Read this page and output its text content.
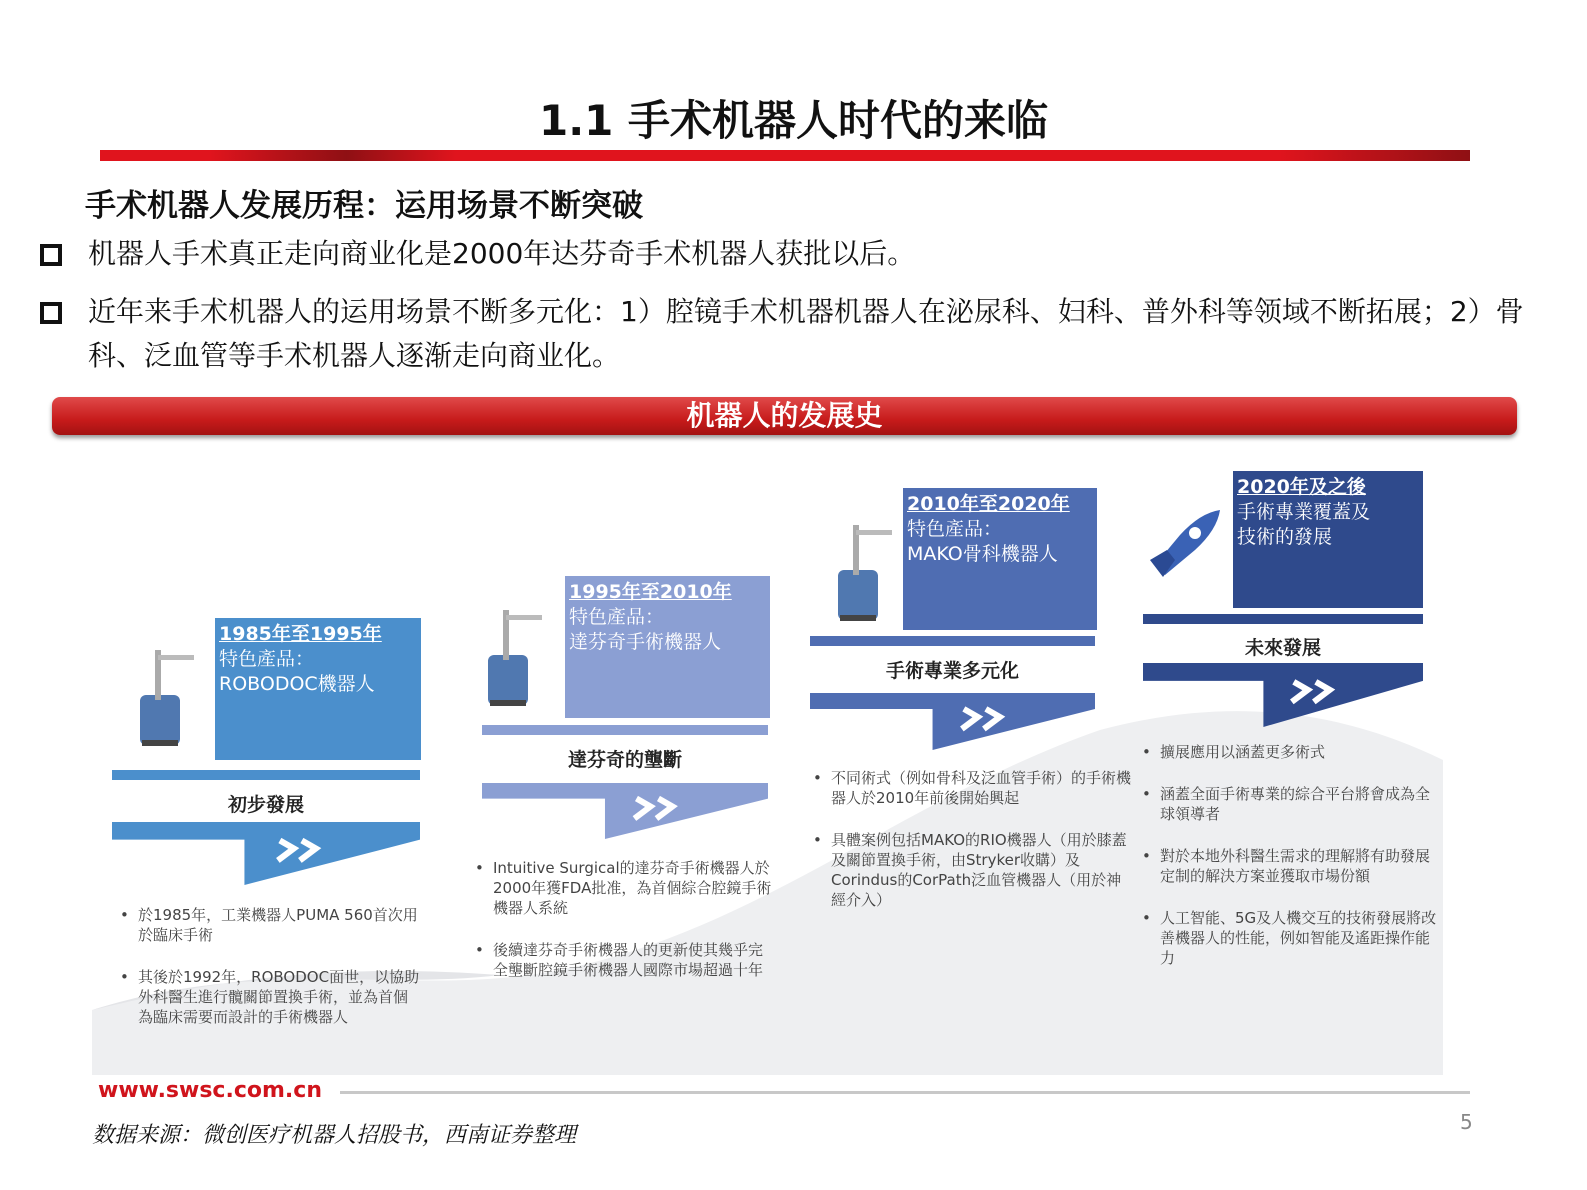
1.1 手术机器人时代的来临
手术机器人发展历程：运用场景不断突破
机器人手术真正走向商业化是2000年达芬奇手术机器人获批以后。
近年来手术机器人的运用场景不断多元化：1）腔镜手术机器机器人在泌尿科、妇科、普外科等领域不断拓展；2）骨科、泛血管等手术机器人逐渐走向商业化。
机器人的发展史
1985年至1995年
特色產品：
ROBODOC機器人
初步發展
• 於1985年，工業機器人PUMA 560首次用於臨床手術
• 其後於1992年，ROBODOC面世，以協助外科醫生進行髖關節置換手術，並為首個為臨床需要而設計的手術機器人
1995年至2010年
特色產品：
達芬奇手術機器人
達芬奇的壟斷
• Intuitive Surgical的達芬奇手術機器人於2000年獲FDA批准，為首個綜合腔鏡手術機器人系統
• 後續達芬奇手術機器人的更新使其幾乎完全壟斷腔鏡手術機器人國際市場超過十年
2010年至2020年
特色產品：
MAKO骨科機器人
手術專業多元化
• 不同術式（例如骨科及泛血管手術）的手術機器人於2010年前後開始興起
• 具體案例包括MAKO的RIO機器人（用於膝蓋及關節置換手術，由Stryker收購）及Corindus的CorPath泛血管機器人（用於神經介入）
2020年及之後
手術專業覆蓋及
技術的發展
未來發展
• 擴展應用以涵蓋更多術式
• 涵蓋全面手術專業的綜合平台將會成為全球領導者
• 對於本地外科醫生需求的理解將有助發展定制的解決方案並獲取市場份額
• 人工智能、5G及人機交互的技術發展將改善機器人的性能，例如智能及遙距操作能力
www.swsc.com.cn
数据来源：微创医疗机器人招股书，西南证券整理
5
